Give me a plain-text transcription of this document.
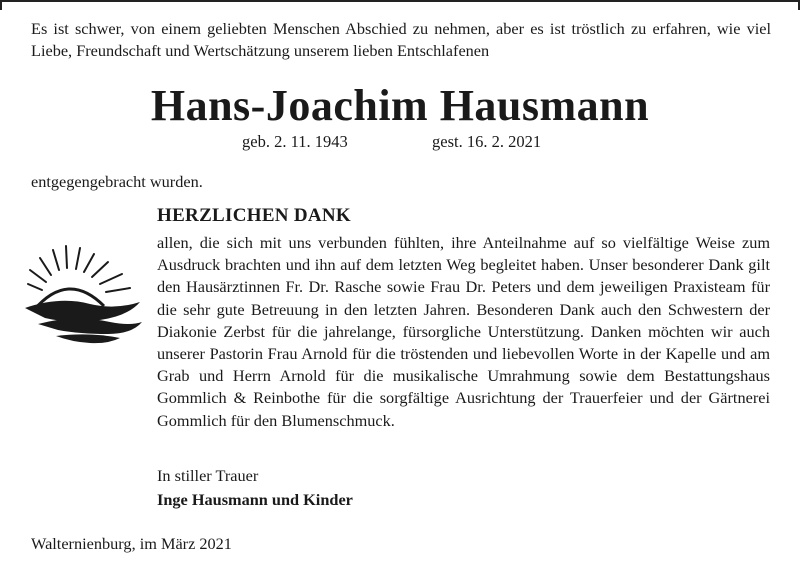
Es ist schwer, von einem geliebten Menschen Abschied zu nehmen, aber es ist tröstlich zu erfahren, wie viel Liebe, Freundschaft und Wertschätzung unserem lieben Entschlafenen
Hans-Joachim Hausmann
geb. 2. 11. 1943	gest. 16. 2. 2021
entgegengebracht wurden.
HERZLICHEN DANK
allen, die sich mit uns verbunden fühlten, ihre Anteilnahme auf so vielfältige Weise zum Ausdruck brachten und ihn auf dem letzten Weg begleitet haben. Unser besonderer Dank gilt den Hausärztinnen Fr. Dr. Rasche sowie Frau Dr. Peters und dem jeweiligen Praxisteam für die sehr gute Betreuung in den letzten Jahren. Besonderen Dank auch den Schwestern der Diakonie Zerbst für die jahrelange, fürsorgliche Unterstützung. Danken möchten wir auch unserer Pastorin Frau Arnold für die tröstenden und liebevollen Worte in der Kapelle und am Grab und Herrn Arnold für die musikalische Umrahmung sowie dem Bestattungshaus Gommlich & Reinbothe für die sorgfältige Ausrichtung der Trauerfeier und der Gärtnerei Gommlich für den Blumenschmuck.
In stiller Trauer
Inge Hausmann und Kinder
Walternienburg, im März 2021
